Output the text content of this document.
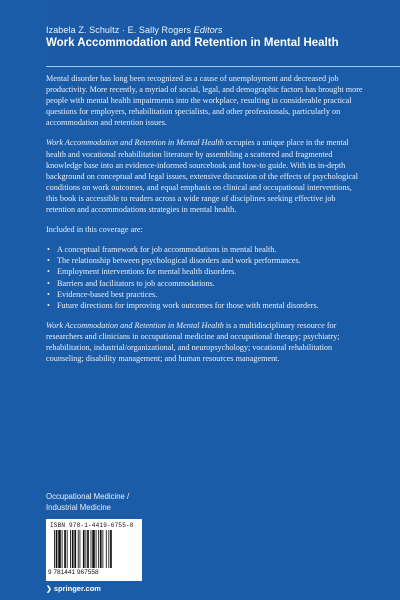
Izabela Z. Schultz · E. Sally Rogers Editors
Work Accommodation and Retention in Mental Health

Mental disorder has long been recognized as a cause of unemployment and decreased job productivity. More recently, a myriad of social, legal, and demographic factors has brought more people with mental health impairments into the workplace, resulting in considerable practical questions for employers, rehabilitation specialists, and other professionals, particularly on accommodation and retention issues.

Work Accommodation and Retention in Mental Health occupies a unique place in the mental health and vocational rehabilitation literature by assembling a scattered and fragmented knowledge base into an evidence-informed sourcebook and how-to guide. With its in-depth background on conceptual and legal issues, extensive discussion of the effects of psychological conditions on work outcomes, and equal emphasis on clinical and occupational interventions, this book is accessible to readers across a wide range of disciplines seeking effective job retention and accommodations strategies in mental health.

Included in this coverage are:

• A conceptual framework for job accommodations in mental health.
• The relationship between psychological disorders and work performances.
• Employment interventions for mental health disorders.
• Barriers and facilitators to job accommodations.
• Evidence-based best practices.
• Future directions for improving work outcomes for those with mental disorders.

Work Accommodation and Retention in Mental Health is a multidisciplinary resource for researchers and clinicians in occupational medicine and occupational therapy; psychiatry; rehabilitation, industrial/organizational, and neuropsychology; vocational rehabilitation counseling; disability management; and human resources management.

Occupational Medicine /
Industrial Medicine
ISBN 978-1-4419-6755-8
9 781441 967558
❯ springer.com
